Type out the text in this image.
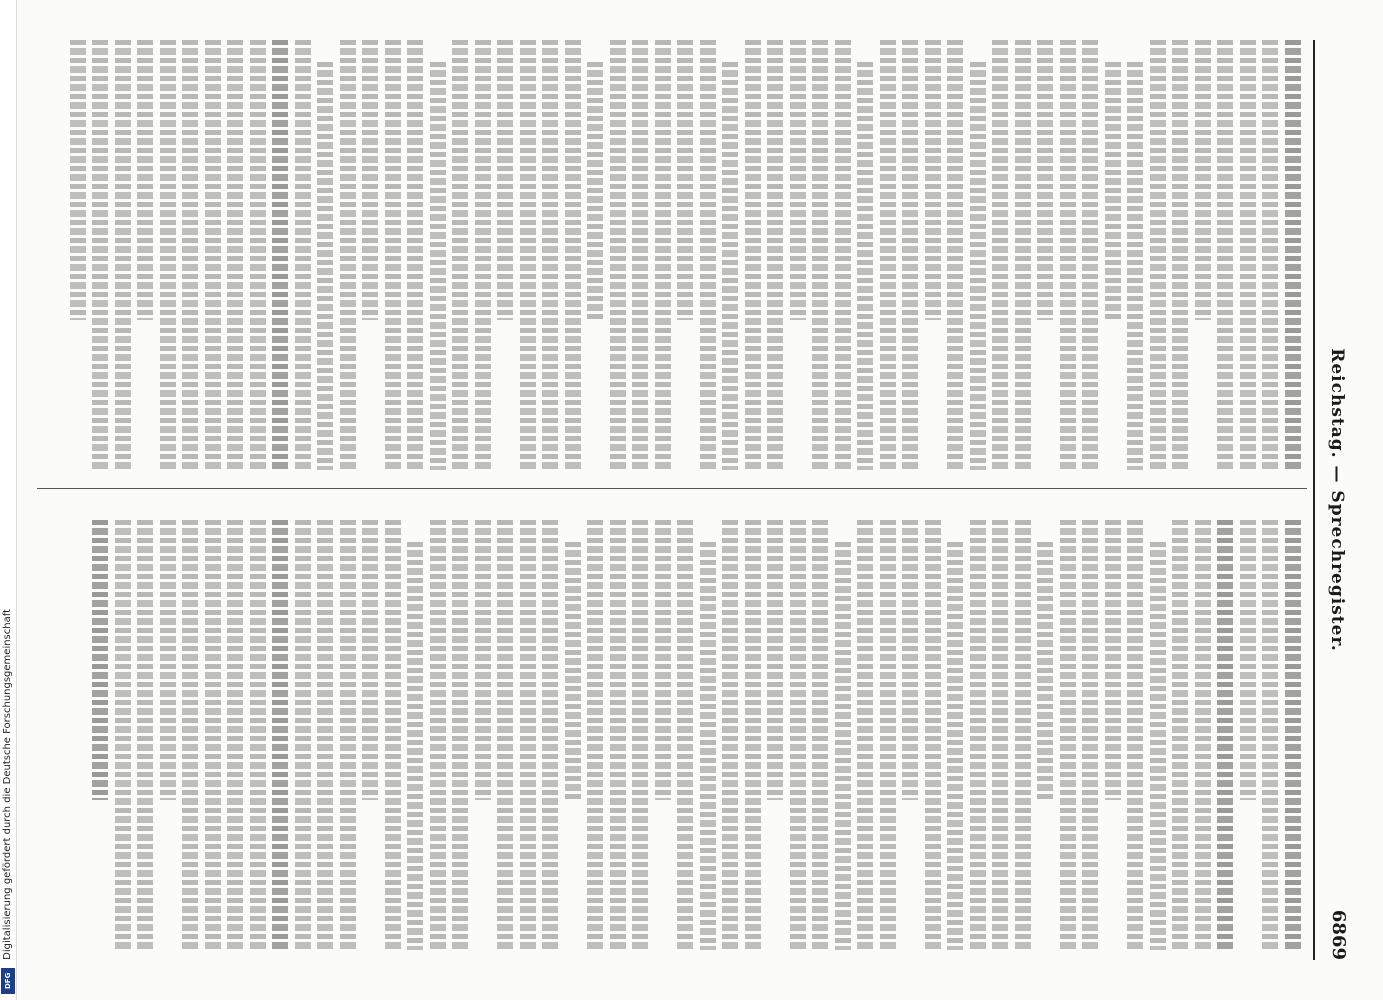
Digitalisierung gefördert durch die Deutsche Forschungsgemeinschaft
DFG
Reichstag. — Sprechregister.
6869
